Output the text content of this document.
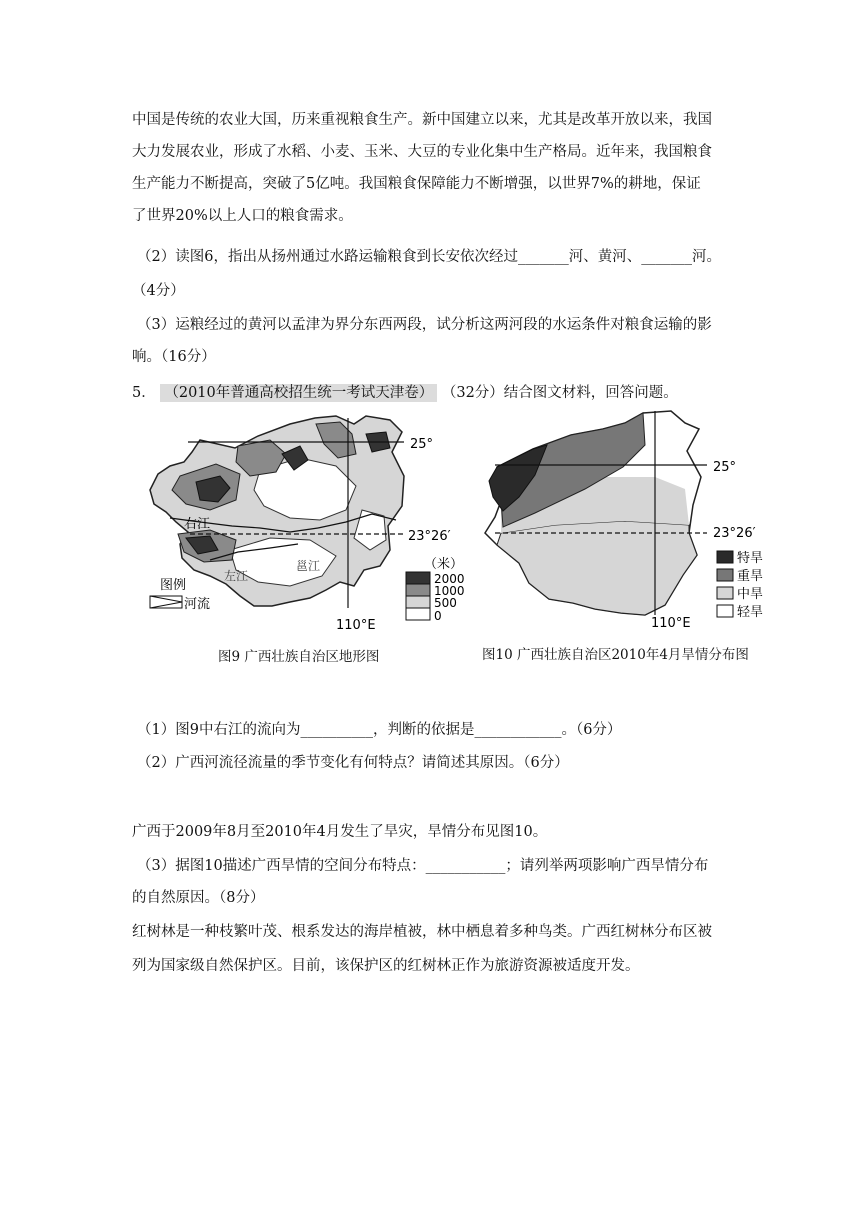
中国是传统的农业大国，历来重视粮食生产。新中国建立以来，尤其是改革开放以来，我国
大力发展农业，形成了水稻、小麦、玉米、大豆的专业化集中生产格局。近年来，我国粮食
生产能力不断提高，突破了5亿吨。我国粮食保障能力不断增强，以世界7%的耕地，保证
了世界20%以上人口的粮食需求。
（2）读图6，指出从扬州通过水路运输粮食到长安依次经过_______河、黄河、_______河。
（4分）
（3）运粮经过的黄河以孟津为界分东西两段，试分析这两河段的水运条件对粮食运输的影
响。（16分）
5． （2010年普通高校招生统一考试天津卷） （32分）结合图文材料，回答问题。
25°
23°26′
110°E
右江
左江
邕江
图例
河流
（米）
2000
1000
500
0
图9 广西壮族自治区地形图
25°
23°26′
110°E
特旱
重旱
中旱
轻旱
图10 广西壮族自治区2010年4月旱情分布图
（1）图9中右江的流向为__________，判断的依据是____________。（6分）
（2）广西河流径流量的季节变化有何特点？请简述其原因。（6分）
广西于2009年8月至2010年4月发生了旱灾，旱情分布见图10。
（3）据图10描述广西旱情的空间分布特点：___________；请列举两项影响广西旱情分布
的自然原因。（8分）
红树林是一种枝繁叶茂、根系发达的海岸植被，林中栖息着多种鸟类。广西红树林分布区被
列为国家级自然保护区。目前，该保护区的红树林正作为旅游资源被适度开发。
